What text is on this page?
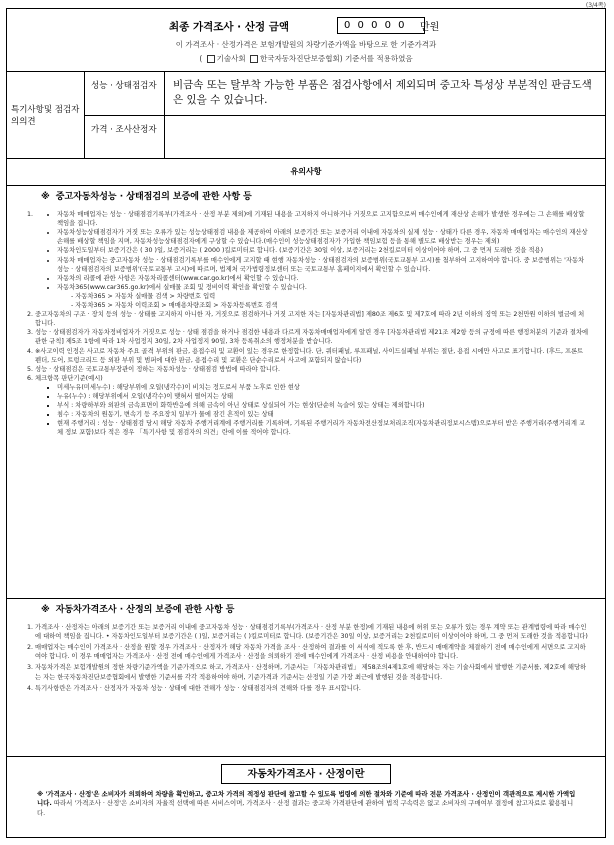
(3/4쪽)
최종 가격조사 · 산정 금액	0 0 0 0 0	만원
이 가격조사 · 산정가격은 보험개발원의 차량기준가액을 바탕으로 한 기준가격과
( 기술사회 한국자동차진단보증협회) 기준서를 적용하였음
특기사항및 점검자의의견
성능 · 상태점검자	비금속 또는 탈부착 가능한 부품은 점검사항에서 제외되며 중고차 특성상 부분적인 판금도색은 있을 수 있습니다.
가격 · 조사산정자
유의사항
※ 중고자동차성능 · 상태점검의 보증에 관한 사항 등
• 1. 자동차 매매업자는 성능 · 상태점검기록부(가격조사 · 산정 부분 제외)에 기재된 내용을 고지하지 아니하거나 거짓으로 고지함으로써 매수인에게 재산상 손해가 발생한 경우에는 그 손해를 배상할 책임을 집니다.
• 자동차성능상태점검자가 거짓 또는 오류가 있는 성능상태점검 내용을 제공하여 아래의 보증기간 또는 보증거리 이내에 자동차의 실제 성능 · 상태가 다른 경우, 자동차 매매업자는 매수인의 재산상 손해를 배상할 책임을 지며, 자동차성능상태점검자에게 구상할 수 있습니다.(매수인이 성능상태점검자가 가입한 책임보험 등을 통해 별도로 배상받는 경우는 제외)
• 자동차인도일부터 보증기간은 ( 30 )일, 보증거리는 ( 2000 )킬로미터로 합니다. (보증기간은 30일 이상, 보증거리는 2천킬로미터 이상이어야 하며, 그 중 먼저 도래한 것을 적용)
• 자동차 매매업자는 중고자동차 성능 · 상태점검기록부를 매수인에게 고지할 때 현행 자동차성능 · 상태점검자의 보증범위(국토교통부 고시)를 첨부하여 고지하여야 합니다. 중 보증범위는 '자동차성능 · 상태점검자의 보증범위'(국토교통부 고시)에 따르며, 법제처 국가법령정보센터 또는 국토교통부 홈페이지에서 확인할 수 있습니다.
• 자동차의 리콜에 관한 사항은 자동차리콜센터(www.car.go.kr)에서 확인할 수 있습니다.
• 자동차365(www.car365.go.kr)에서 실매물 조회 및 정비이력 확인을 확인할 수 있습니다.
- 자동차365 > 자동차 실매물 검색 > 차량번호 입력
- 자동차365 > 자동차 이력조회 > 매매용차량조회 > 자동차등록번호 검색
2. 중고자동차의 구조 · 장치 등의 성능 · 상태를 고지하지 아니한 자, 거짓으로 점검하거나 거짓 고지한 자는 [자동차관리법] 제80조 제6호 및 제7호에 따라 2년 이하의 징역 또는 2천만원 이하의 벌금에 처합니다.
3. 성능 · 상태점검자가 자동차정비업자가 거짓으로 성능 · 상태 점검을 하거나 점검한 내용과 다르게 자동차매매업자에게 알린 경우 [자동차관리법 제21조 제2항 등의 규정에 따른 행정처분의 기준과 절차에 관한 규칙] 제5조 1항에 따라 1차 사업정지 30일, 2차 사업정지 90일, 3차 등록취소의 행정처분을 받습니다.
4. ※사고이력 인정은 사고로 자동차 주요 골격 부위의 판금, 용접수리 및 교환이 있는 경우로 한정합니다. 단, 쿼터패널, 루프패널, 사이드실패널 부위는 절단, 용접 시에만 사고로 표기합니다. (후드, 프론트펜더, 도어, 트렁크리드 등 외판 부위 및 범퍼에 대한 판금, 용접수리 및 교환은 단순수리로서 사고에 포함되지 않습니다)
5. 성능 · 상태점검은 국토교통부장관이 정하는 자동차성능 · 상태점검 방법에 따라야 합니다.
6. 체크항목 판단기준(예시)
▪ 미세누유(미세누수) : 해당부위에 오일(냉각수)이 비치는 정도로서 부품 노후로 인한 현상
▪ 누유(누수) : 해당부위에서 오일(냉각수)이 맺혀서 떨어지는 상태
▪ 부식 : 차량하부와 외판의 금속표면이 화학반응에 의해 금속이 아닌 상태로 상실되어 가는 현상(단순히 녹슬어 있는 상태는 제외합니다)
▪ 침수 : 자동차의 원동기, 변속기 등 주요장치 일부가 물에 잠긴 흔적이 있는 상태
▪ 현재 주행거리 : 성능 · 상태점검 당시 해당 자동차 주행거리계에 주행거리를 기록하며, 기록된 주행거리가 자동차전산정보처리조직(자동차관리정보시스템)으로부터 받은 주행거리(주행거리계 교체 정보 포함)보다 적은 경우 「특기사항 및 점검자의 의견」란에 이를 적어야 합니다.
※ 자동차가격조사 · 산정의 보증에 관한 사항 등
1. 가격조사 · 산정자는 아래의 보증기간 또는 보증거리 이내에 중고자동차 성능 · 상태점검기록부(가격조사 · 산정 부분 한정)에 기재된 내용에 허위 또는 오류가 있는 경우 계약 또는 관계법령에 따라 매수인에 대하여 책임을 집니다. • 자동차인도일부터 보증기간은 ( )일, 보증거리는 ( )킬로미터로 합니다. (보증기간은 30일 이상, 보증거리는 2천킬로미터 이상이어야 하며, 그 중 먼저 도래한 것을 적용합니다)
2. 매매업자는 매수인이 가격조사 · 산정을 원할 경우 가격조사 · 산정자가 해당 자동차 가격을 조사 · 산정하여 결과를 이 서식에 적도록 한 후, 반드시 매매계약을 체결하기 전에 매수인에게 서면으로 고지하여야 합니다. 이 경우 매매업자는 가격조사 · 산정 전에 매수인에게 가격조사 · 산정을 의뢰하기 전에 매수인에게 가격조사 · 산정 비용을 안내하여야 합니다.
3. 자동차가격은 보험개발원의 정한 차량기준가액을 기준가격으로 하고, 가격조사 · 산정하며, 기준서는 「자동차관리법」 제58조의4제1호에 해당하는 자는 기술사회에서 발행한 기준서를, 제2호에 해당하는 자는 한국자동차진단보증협회에서 발행한 기준서를 각각 적용하여야 하며, 기준가격과 기준서는 산정일 기준 가장 최근에 발행된 것을 적용합니다.
4. 특기사항란은 가격조사 · 산정자가 자동차 성능 · 상태에 대한 견해가 성능 · 상태점검자의 견해와 다를 경우 표시합니다.
자동차가격조사 · 산정이란
※ '가격조사 · 산정'은 소비자가 의뢰하여 차량을 확인하고, 중고차 가격의 적정성 판단에 참고할 수 있도록 법령에 의한 절차와 기준에 따라 전문 가격조사 · 산정인이 객관적으로 제시한 가액입니다. 따라서 '가격조사 · 산정'은 소비자의 자율적 선택에 따른 서비스이며, 가격조사 · 산정 결과는 중고차 가격판단에 관하여 법적 구속력은 없고 소비자의 구매여부 결정에 참고자료로 활용됩니다.
